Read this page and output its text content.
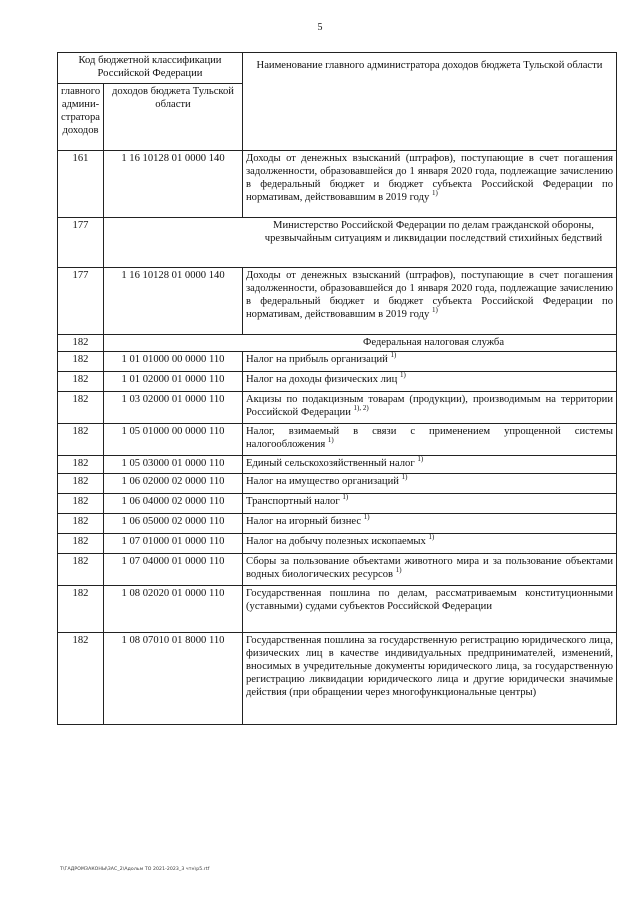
5
Код бюджетной классификации Российской Федерации		Наименование главного администратора доходов бюджета Тульской области
главного админи-стратора доходов	доходов бюджета Тульской области	
161	1 16 10128 01 0000 140	Доходы от денежных взысканий (штрафов), поступающие в счет погашения задолженности, образовавшейся до 1 января 2020 года, подлежащие зачислению в федеральный бюджет и бюджет субъекта Российской Федерации по нормативам, действовавшим в 2019 году $^{1)}$
177	Министерство Российской Федерации по делам гражданской обороны, чрезвычайным ситуациям и ликвидации последствий стихийных бедствий	
177	1 16 10128 01 0000 140	Доходы от денежных взысканий (штрафов), поступающие в счет погашения задолженности, образовавшейся до 1 января 2020 года, подлежащие зачислению в федеральный бюджет и бюджет субъекта Российской Федерации по нормативам, действовавшим в 2019 году $^{1)}$
182	Федеральная налоговая служба	
182	1 01 01000 00 0000 110	Налог на прибыль организаций $^{1)}$
182	1 01 02000 01 0000 110	Налог на доходы физических лиц $^{1)}$
182	1 03 02000 01 0000 110	Акцизы по подакцизным товарам (продукции), производимым на территории Российской Федерации $^{1), 2)}$
182	1 05 01000 00 0000 110	Налог, взимаемый в связи с применением упрощенной системы налогообложения $^{1)}$
182	1 05 03000 01 0000 110	Единый сельскохозяйственный налог $^{1)}$
182	1 06 02000 02 0000 110	Налог на имущество организаций $^{1)}$
182	1 06 04000 02 0000 110	Транспортный налог $^{1)}$
182	1 06 05000 02 0000 110	Налог на игорный бизнес $^{1)}$
182	1 07 01000 01 0000 110	Налог на добычу полезных ископаемых $^{1)}$
182	1 07 04000 01 0000 110	Сборы за пользование объектами животного мира и за пользование объектами водных биологических ресурсов $^{1)}$
182	1 08 02020 01 0000 110	Государственная пошлина по делам, рассматриваемым конституционными (уставными) судами субъектов Российской Федерации
182	1 08 07010 01 8000 110	Государственная пошлина за государственную регистрацию юридического лица, физических лиц в качестве индивидуальных предпринимателей, изменений, вносимых в учредительные документы юридического лица, за государственную регистрацию ликвидации юридического лица и другие юридически значимые действия (при обращении через многофункциональные центры)
Т\ГАДРОМЗАКОНЫ\ЗАС_2\Адольм ТО 2021-2023_3 чтн\р5.rtf
